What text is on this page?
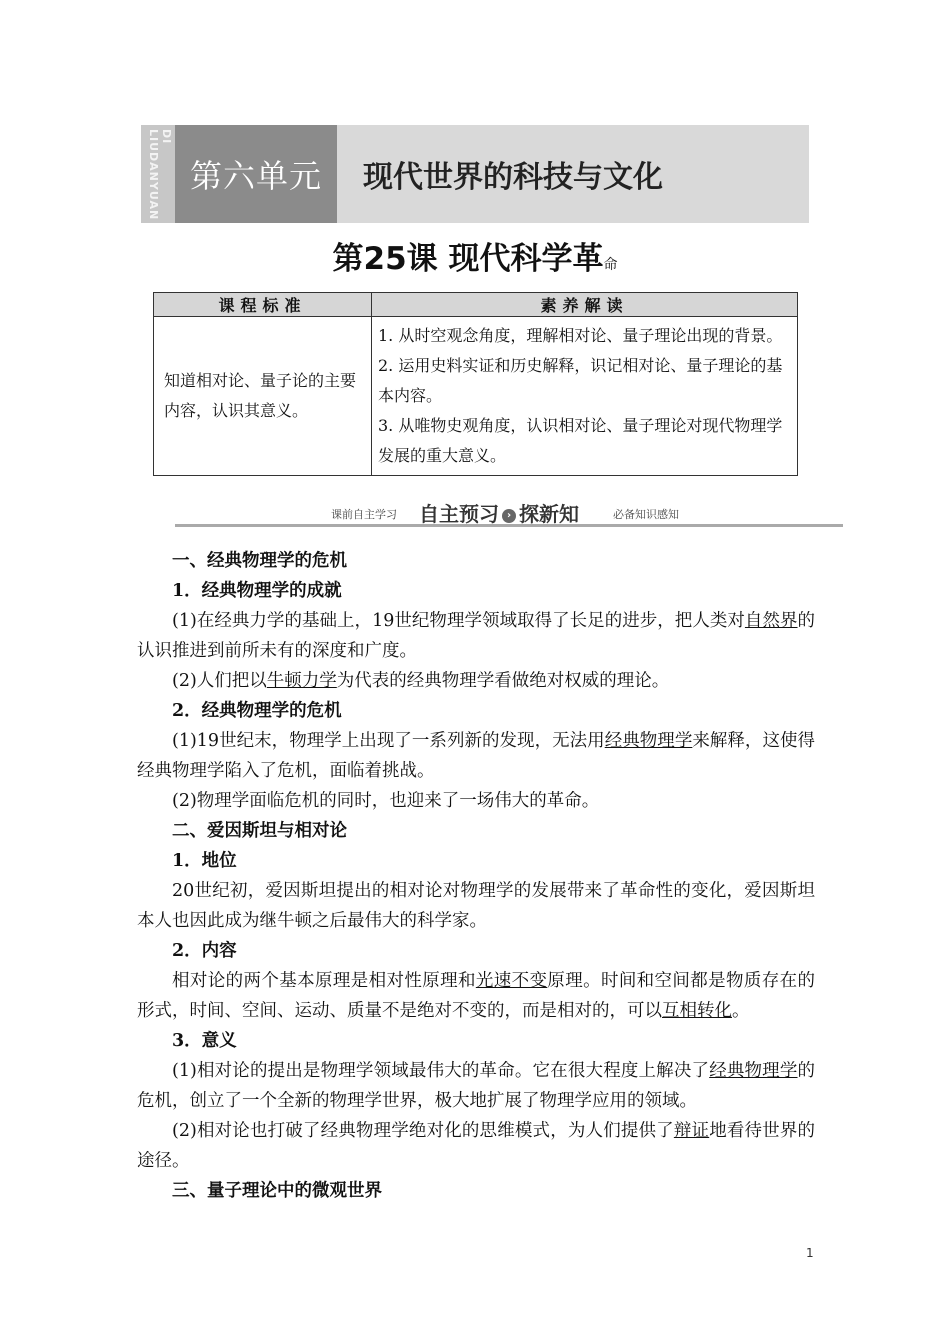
DI LIUDANYUAN 第六单元	现代世界的科技与文化
第25课 现代科学革命
课程标准	素养解读
知道相对论、量子论的主要内容，认识其意义。	1. 从时空观念角度，理解相对论、量子理论出现的背景。
2. 运用史料实证和历史解释，识记相对论、量子理论的基本内容。
3. 从唯物史观角度，认识相对论、量子理论对现代物理学发展的重大意义。
课前自主学习 自主预习 › 探新知	必备知识感知

一、经典物理学的危机

1．经典物理学的成就

(1)在经典力学的基础上，19世纪物理学领域取得了长足的进步，把人类对自然界的认识推进到前所未有的深度和广度。

(2)人们把以牛顿力学为代表的经典物理学看做绝对权威的理论。

2．经典物理学的危机

(1)19世纪末，物理学上出现了一系列新的发现，无法用经典物理学来解释，这使得经典物理学陷入了危机，面临着挑战。

(2)物理学面临危机的同时，也迎来了一场伟大的革命。

二、爱因斯坦与相对论

1．地位

20世纪初，爱因斯坦提出的相对论对物理学的发展带来了革命性的变化，爱因斯坦本人也因此成为继牛顿之后最伟大的科学家。

2．内容

相对论的两个基本原理是相对性原理和光速不变原理。时间和空间都是物质存在的形式，时间、空间、运动、质量不是绝对不变的，而是相对的，可以互相转化。

3．意义

(1)相对论的提出是物理学领域最伟大的革命。它在很大程度上解决了经典物理学的危机，创立了一个全新的物理学世界，极大地扩展了物理学应用的领域。

(2)相对论也打破了经典物理学绝对化的思维模式，为人们提供了辩证地看待世界的途径。

三、量子理论中的微观世界

1
